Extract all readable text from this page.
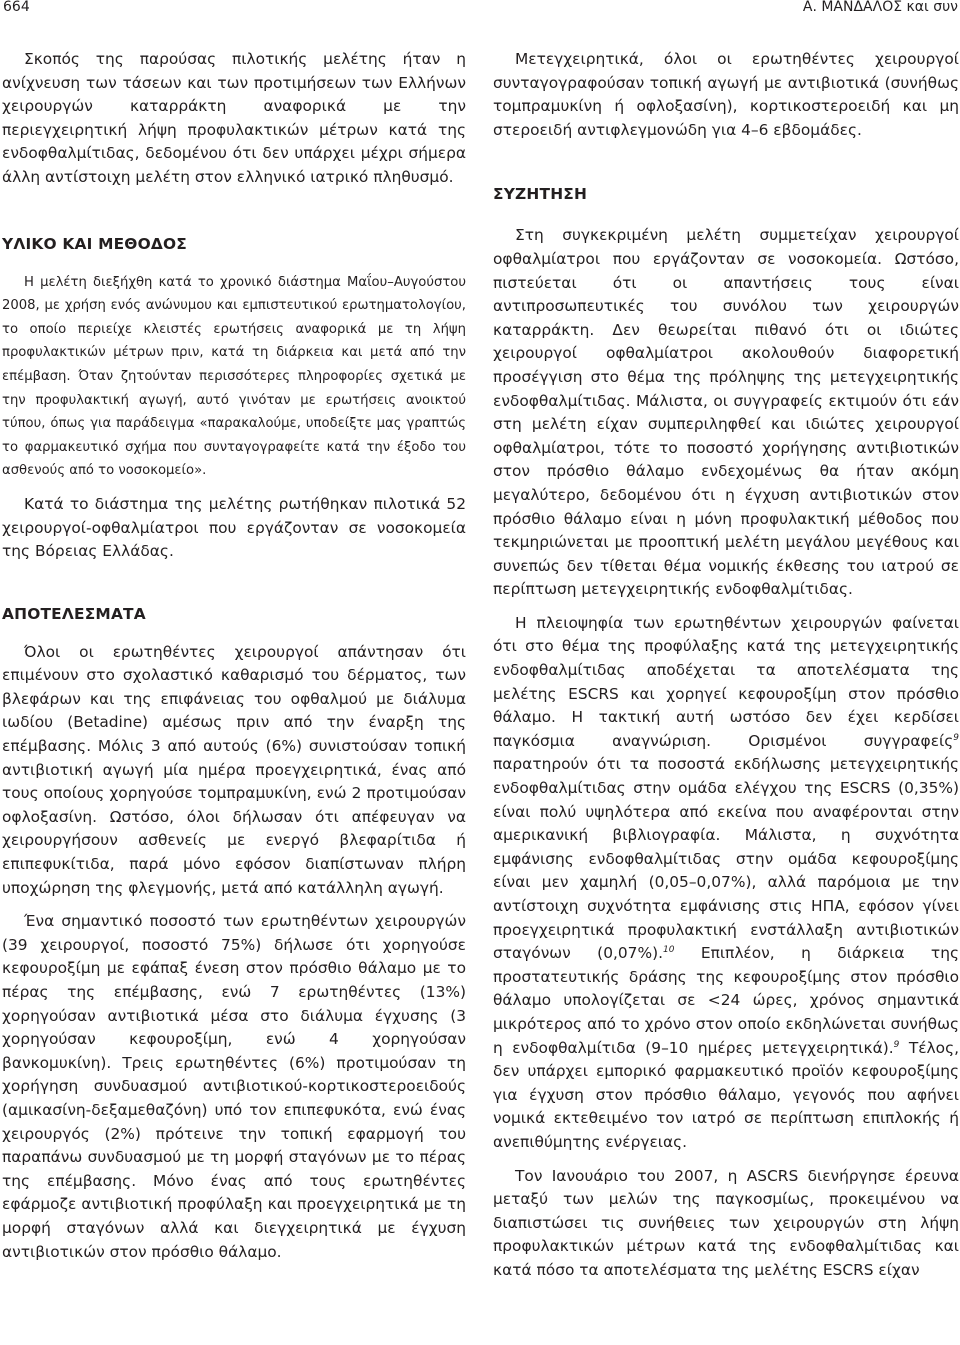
664	Α. ΜΑΝΔΑΛΟΣ και συν

Σκοπός της παρούσας πιλοτικής μελέτης ήταν η ανίχνευση των τάσεων και των προτιμήσεων των Ελλήνων χειρουργών καταρράκτη αναφορικά με την περιεγχειρητική λήψη προφυλακτικών μέτρων κατά της ενδοφθαλμίτιδας, δεδομένου ότι δεν υπάρχει μέχρι σήμερα άλλη αντίστοιχη μελέτη στον ελληνικό ιατρικό πληθυσμό.

ΥΛΙΚΟ ΚΑΙ ΜΕΘΟΔΟΣ

Η μελέτη διεξήχθη κατά το χρονικό διάστημα Μαΐου–Αυγούστου 2008, με χρήση ενός ανώνυμου και εμπιστευτικού ερωτηματολογίου, το οποίο περιείχε κλειστές ερωτήσεις αναφορικά με τη λήψη προφυλακτικών μέτρων πριν, κατά τη διάρκεια και μετά από την επέμβαση. Όταν ζητούνταν περισσότερες πληροφορίες σχετικά με την προφυλακτική αγωγή, αυτό γινόταν με ερωτήσεις ανοικτού τύπου, όπως για παράδειγμα «παρακαλούμε, υποδείξτε μας γραπτώς το φαρμακευτικό σχήμα που συνταγογραφείτε κατά την έξοδο του ασθενούς από το νοσοκομείο».

Κατά το διάστημα της μελέτης ρωτήθηκαν πιλοτικά 52 χειρουργοί-οφθαλμίατροι που εργάζονταν σε νοσοκομεία της Βόρειας Ελλάδας.

ΑΠΟΤΕΛΕΣΜΑΤΑ

Όλοι οι ερωτηθέντες χειρουργοί απάντησαν ότι επιμένουν στο σχολαστικό καθαρισμό του δέρματος, των βλεφάρων και της επιφάνειας του οφθαλμού με διάλυμα ιωδίου (Betadine) αμέσως πριν από την έναρξη της επέμβασης. Μόλις 3 από αυτούς (6%) συνιστούσαν τοπική αντιβιοτική αγωγή μία ημέρα προεγχειρητικά, ένας από τους οποίους χορηγούσε τομπραμυκίνη, ενώ 2 προτιμούσαν οφλοξασίνη. Ωστόσο, όλοι δήλωσαν ότι απέφευγαν να χειρουργήσουν ασθενείς με ενεργό βλεφαρίτιδα ή επιπεφυκίτιδα, παρά μόνο εφόσον διαπίστωναν πλήρη υποχώρηση της φλεγμονής, μετά από κατάλληλη αγωγή.

Ένα σημαντικό ποσοστό των ερωτηθέντων χειρουργών (39 χειρουργοί, ποσοστό 75%) δήλωσε ότι χορηγούσε κεφουροξίμη με εφάπαξ ένεση στον πρόσθιο θάλαμο με το πέρας της επέμβασης, ενώ 7 ερωτηθέντες (13%) χορηγούσαν αντιβιοτικά μέσα στο διάλυμα έγχυσης (3 χορηγούσαν κεφουροξίμη, ενώ 4 χορηγούσαν βανκομυκίνη). Τρεις ερωτηθέντες (6%) προτιμούσαν τη χορήγηση συνδυασμού αντιβιοτικού-κορτικοστεροειδούς (αμικασίνη-δεξαμεθαζόνη) υπό τον επιπεφυκότα, ενώ ένας χειρουργός (2%) πρότεινε την τοπική εφαρμογή του παραπάνω συνδυασμού με τη μορφή σταγόνων με το πέρας της επέμβασης. Μόνο ένας από τους ερωτηθέντες εφάρμοζε αντιβιοτική προφύλαξη και προεγχειρητικά με τη μορφή σταγόνων αλλά και διεγχειρητικά με έγχυση αντιβιοτικών στον πρόσθιο θάλαμο.

Μετεγχειρητικά, όλοι οι ερωτηθέντες χειρουργοί συνταγογραφούσαν τοπική αγωγή με αντιβιοτικά (συνήθως τομπραμυκίνη ή οφλοξασίνη), κορτικοστεροειδή και μη στεροειδή αντιφλεγμονώδη για 4–6 εβδομάδες.

ΣΥΖΗΤΗΣΗ

Στη συγκεκριμένη μελέτη συμμετείχαν χειρουργοί οφθαλμίατροι που εργάζονταν σε νοσοκομεία. Ωστόσο, πιστεύεται ότι οι απαντήσεις τους είναι αντιπροσωπευτικές του συνόλου των χειρουργών καταρράκτη. Δεν θεωρείται πιθανό ότι οι ιδιώτες χειρουργοί οφθαλμίατροι ακολουθούν διαφορετική προσέγγιση στο θέμα της πρόληψης της μετεγχειρητικής ενδοφθαλμίτιδας. Μάλιστα, οι συγγραφείς εκτιμούν ότι εάν στη μελέτη είχαν συμπεριληφθεί και ιδιώτες χειρουργοί οφθαλμίατροι, τότε το ποσοστό χορήγησης αντιβιοτικών στον πρόσθιο θάλαμο ενδεχομένως θα ήταν ακόμη μεγαλύτερο, δεδομένου ότι η έγχυση αντιβιοτικών στον πρόσθιο θάλαμο είναι η μόνη προφυλακτική μέθοδος που τεκμηριώνεται με προοπτική μελέτη μεγάλου μεγέθους και συνεπώς δεν τίθεται θέμα νομικής έκθεσης του ιατρού σε περίπτωση μετεγχειρητικής ενδοφθαλμίτιδας.

Η πλειοψηφία των ερωτηθέντων χειρουργών φαίνεται ότι στο θέμα της προφύλαξης κατά της μετεγχειρητικής ενδοφθαλμίτιδας αποδέχεται τα αποτελέσματα της μελέτης ESCRS και χορηγεί κεφουροξίμη στον πρόσθιο θάλαμο. Η τακτική αυτή ωστόσο δεν έχει κερδίσει παγκόσμια αναγνώριση. Ορισμένοι συγγραφείς$^9$ παρατηρούν ότι τα ποσοστά εκδήλωσης μετεγχειρητικής ενδοφθαλμίτιδας στην ομάδα ελέγχου της ESCRS (0,35%) είναι πολύ υψηλότερα από εκείνα που αναφέρονται στην αμερικανική βιβλιογραφία. Μάλιστα, η συχνότητα εμφάνισης ενδοφθαλμίτιδας στην ομάδα κεφουροξίμης είναι μεν χαμηλή (0,05–0,07%), αλλά παρόμοια με την αντίστοιχη συχνότητα εμφάνισης στις ΗΠΑ, εφόσον γίνει προεγχειρητικά προφυλακτική ενστάλλαξη αντιβιοτικών σταγόνων (0,07%).$^{10}$ Επιπλέον, η διάρκεια της προστατευτικής δράσης της κεφουροξίμης στον πρόσθιο θάλαμο υπολογίζεται σε <24 ώρες, χρόνος σημαντικά μικρότερος από το χρόνο στον οποίο εκδηλώνεται συνήθως η ενδοφθαλμίτιδα (9–10 ημέρες μετεγχειρητικά).$^9$ Τέλος, δεν υπάρχει εμπορικό φαρμακευτικό προϊόν κεφουροξίμης για έγχυση στον πρόσθιο θάλαμο, γεγονός που αφήνει νομικά εκτεθειμένο τον ιατρό σε περίπτωση επιπλοκής ή ανεπιθύμητης ενέργειας.

Τον Ιανουάριο του 2007, η ASCRS διενήργησε έρευνα μεταξύ των μελών της παγκοσμίως, προκειμένου να διαπιστώσει τις συνήθειες των χειρουργών στη λήψη προφυλακτικών μέτρων κατά της ενδοφθαλμίτιδας και κατά πόσο τα αποτελέσματα της μελέτης ESCRS είχαν
